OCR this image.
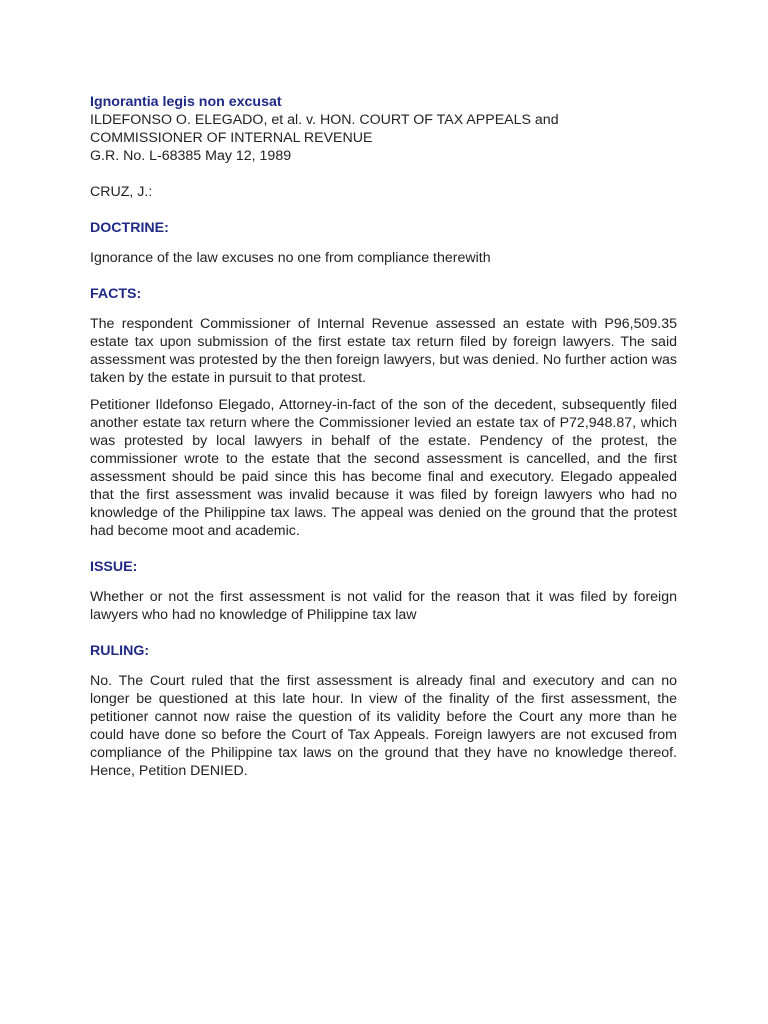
Ignorantia legis non excusat

ILDEFONSO O. ELEGADO, et al. v. HON. COURT OF TAX APPEALS and

COMMISSIONER OF INTERNAL REVENUE

G.R. No. L-68385 May 12, 1989

CRUZ, J.:

DOCTRINE:

Ignorance of the law excuses no one from compliance therewith

FACTS:

The respondent Commissioner of Internal Revenue assessed an estate with P96,509.35 estate tax upon submission of the first estate tax return filed by foreign lawyers. The said assessment was protested by the then foreign lawyers, but was denied. No further action was taken by the estate in pursuit to that protest.

Petitioner Ildefonso Elegado, Attorney-in-fact of the son of the decedent, subsequently filed another estate tax return where the Commissioner levied an estate tax of P72,948.87, which was protested by local lawyers in behalf of the estate. Pendency of the protest, the commissioner wrote to the estate that the second assessment is cancelled, and the first assessment should be paid since this has become final and executory. Elegado appealed that the first assessment was invalid because it was filed by foreign lawyers who had no knowledge of the Philippine tax laws. The appeal was denied on the ground that the protest had become moot and academic.

ISSUE:

Whether or not the first assessment is not valid for the reason that it was filed by foreign lawyers who had no knowledge of Philippine tax law

RULING:

No. The Court ruled that the first assessment is already final and executory and can no longer be questioned at this late hour. In view of the finality of the first assessment, the petitioner cannot now raise the question of its validity before the Court any more than he could have done so before the Court of Tax Appeals. Foreign lawyers are not excused from compliance of the Philippine tax laws on the ground that they have no knowledge thereof. Hence, Petition DENIED.
